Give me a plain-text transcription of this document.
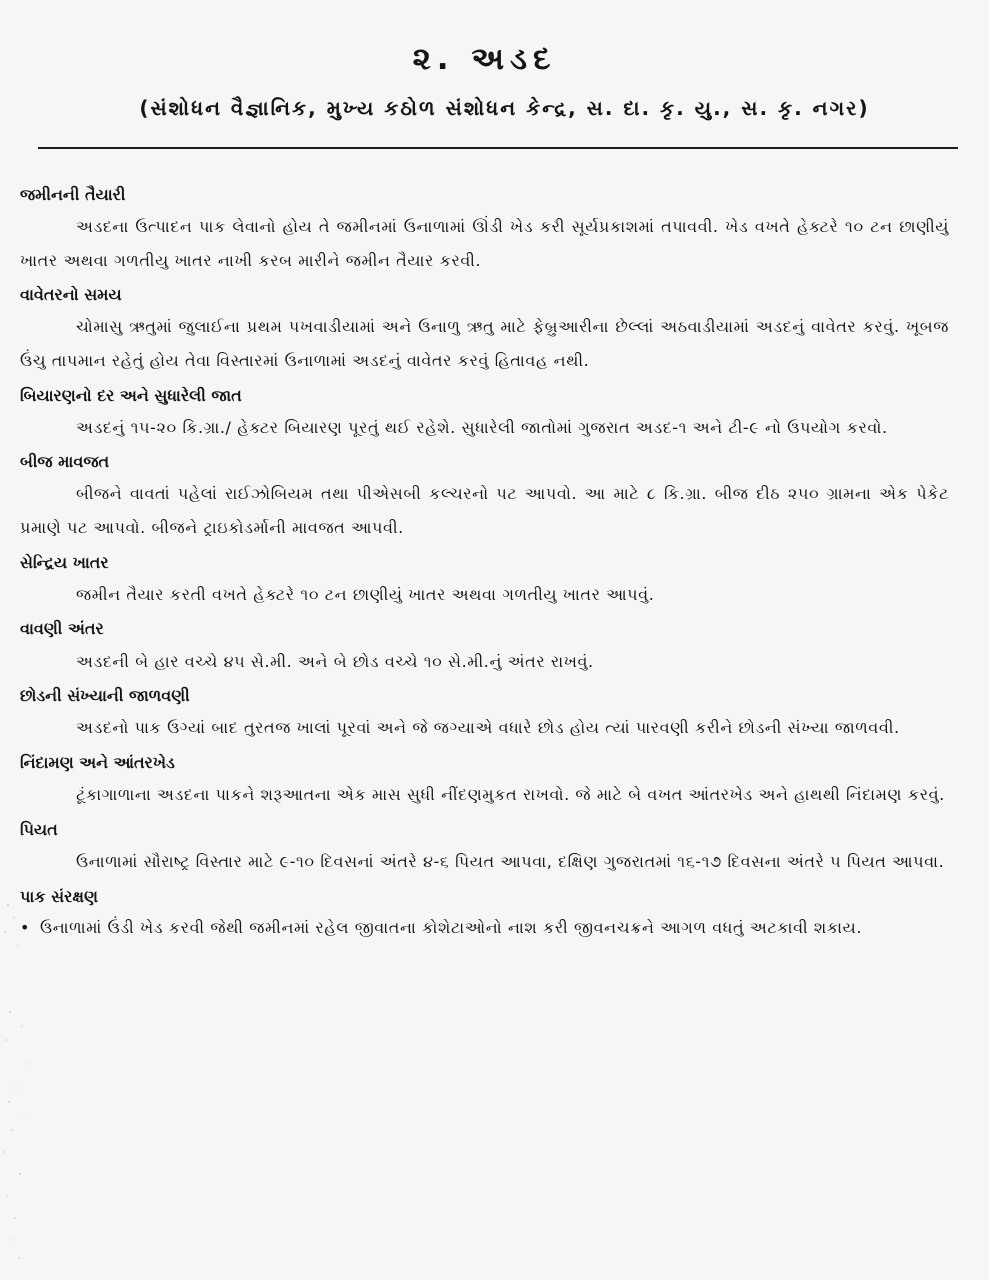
૨. અડદ
(સંશોધન વૈજ્ઞાનિક, મુખ્ય કઠોળ સંશોધન કેન્દ્ર, સ. દા. કૃ. યુ., સ. કૃ. નગર)
જમીનની તૈયારી

અડદના ઉત્પાદન પાક લેવાનો હોય તે જમીનમાં ઉનાળામાં ઊંડી ખેડ કરી સૂર્યપ્રકાશમાં તપાવવી. ખેડ વખતે હેક્ટરે ૧૦ ટન છાણીયું ખાતર અથવા ગળતીયુ ખાતર નાખી કરબ મારીને જમીન તૈયાર કરવી.

વાવેતરનો સમય

ચોમાસુ ઋતુમાં જુલાઈના પ્રથમ પખવાડીયામાં અને ઉનાળુ ઋતુ માટે ફેબ્રુઆરીના છેલ્લાં અઠવાડીયામાં અડદનું વાવેતર કરવું. ખૂબજ ઉંચુ તાપમાન રહેતું હોય તેવા વિસ્તારમાં ઉનાળામાં અડદનું વાવેતર કરવું હિતાવહ નથી.

બિયારણનો દર અને સુધારેલી જાત

અડદનું ૧૫-૨૦ કિ.ગ્રા./ હેક્ટર બિયારણ પૂરતું થઈ રહેશે. સુધારેલી જાતોમાં ગુજરાત અડદ-૧ અને ટી-૯ નો ઉપયોગ કરવો.

બીજ માવજત

બીજને વાવતાં પહેલાં રાઈઝોબિયમ તથા પીએસબી કલ્ચરનો પટ આપવો. આ માટે ૮ કિ.ગ્રા. બીજ દીઠ ૨૫૦ ગ્રામના એક પેકેટ પ્રમાણે પટ આપવો. બીજને ટ્રાઇકોડર્માની માવજત આપવી.

સેન્દ્રિય ખાતર

જમીન તૈયાર કરતી વખતે હેક્ટરે ૧૦ ટન છાણીયું ખાતર અથવા ગળતીયુ ખાતર આપવું.

વાવણી અંતર

અડદની બે હાર વચ્ચે ૪૫ સે.મી. અને બે છોડ વચ્ચે ૧૦ સે.મી.નું અંતર રાખવું.

છોડની સંખ્યાની જાળવણી

અડદનો પાક ઉગ્યાં બાદ તુરતજ ખાલાં પૂરવાં અને જે જગ્યાએ વધારે છોડ હોય ત્યાં પારવણી કરીને છોડની સંખ્યા જાળવવી.

નિંદામણ અને આંતરખેડ

ટૂંકાગાળાના અડદના પાકને શરૂઆતના એક માસ સુધી નીંદણમુકત રાખવો. જે માટે બે વખત આંતરખેડ અને હાથથી નિંદામણ કરવું.

પિયત

ઉનાળામાં સૌરાષ્ટ્ર વિસ્તાર માટે ૯-૧૦ દિવસનાં અંતરે ૪-૬ પિયત આપવા, દક્ષિણ ગુજરાતમાં ૧૬-૧૭ દિવસના અંતરે ૫ પિયત આપવા.

પાક સંરક્ષણ
• ઉનાળામાં ઉંડી ખેડ કરવી જેથી જમીનમાં રહેલ જીવાતના કોશેટાઓનો નાશ કરી જીવનચક્રને આગળ વધતું અટકાવી શકાય.
